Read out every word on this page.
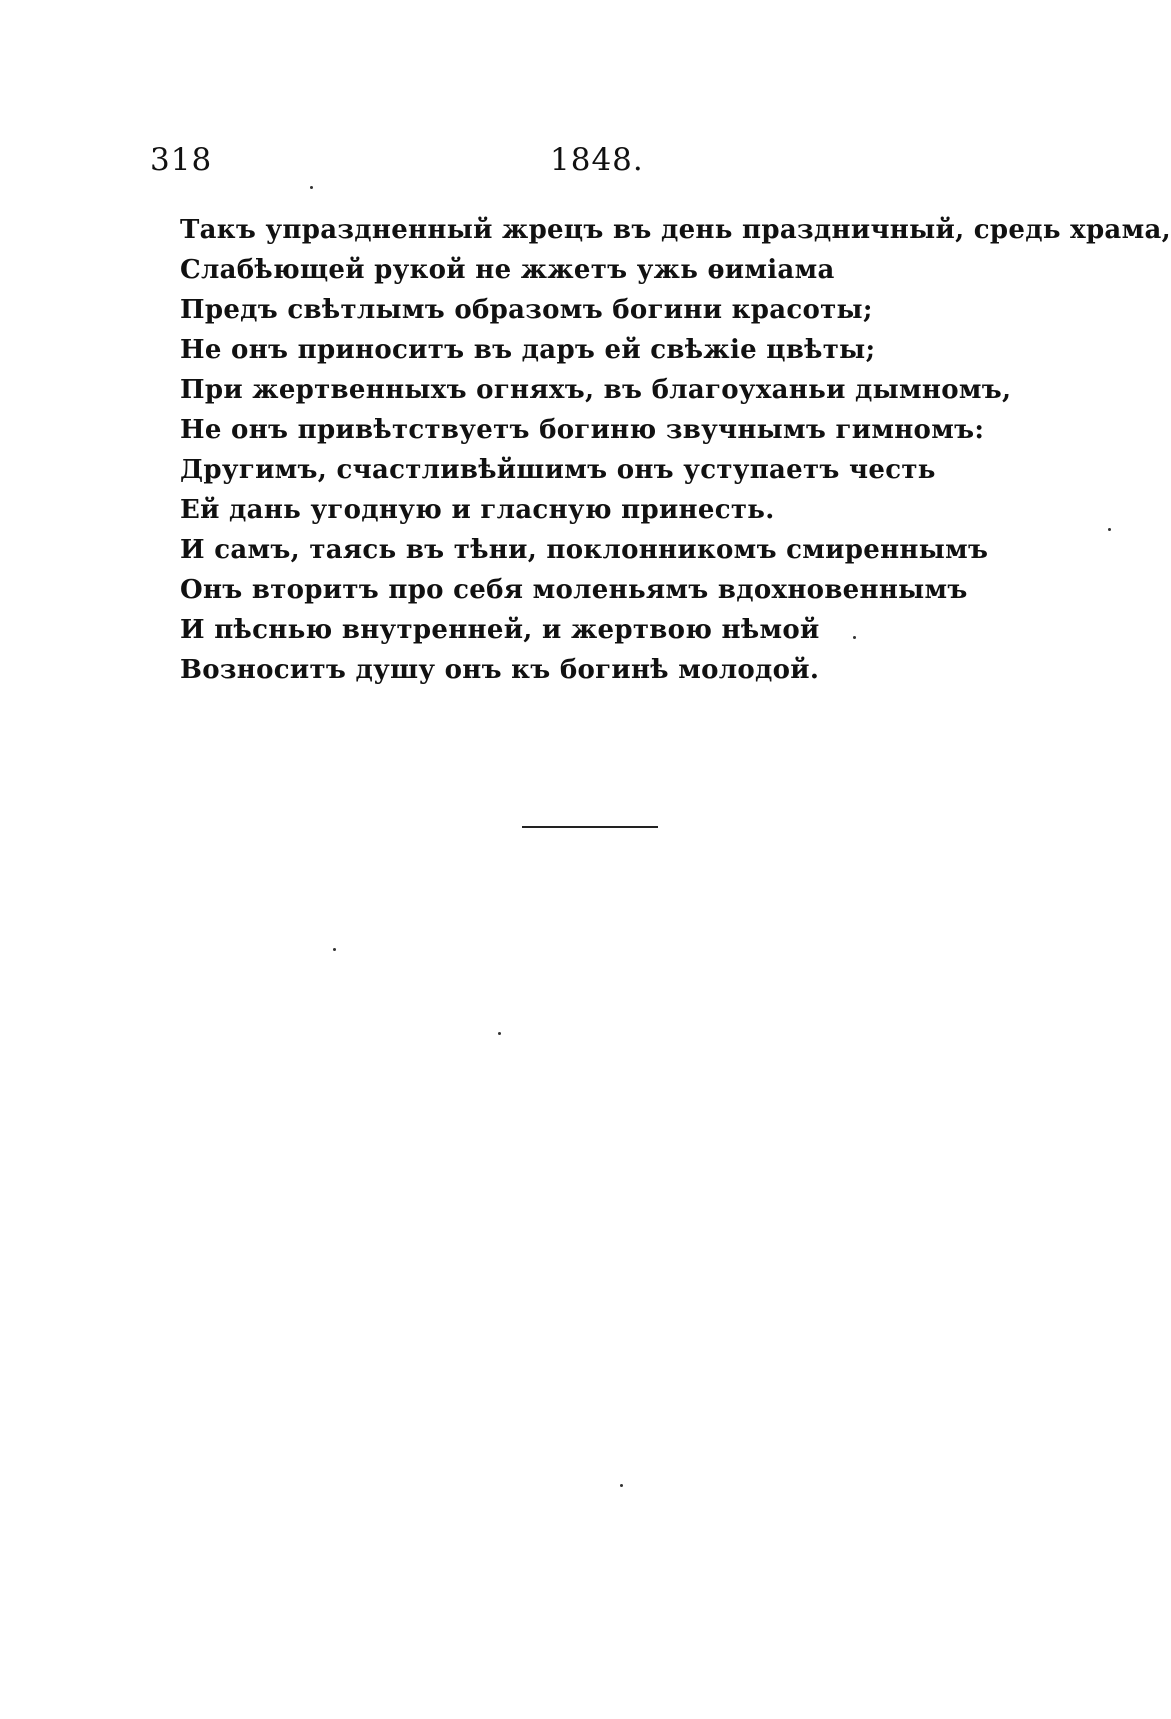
318	1848.
Такъ упраздненный жрецъ въ день праздничный, средь храма,
Слабѣющей рукой не жжетъ ужь ѳиміама
Предъ свѣтлымъ образомъ богини красоты;
Не онъ приноситъ въ даръ ей свѣжіе цвѣты;
При жертвенныхъ огняхъ, въ благоуханьи дымномъ,
Не онъ привѣтствуетъ богиню звучнымъ гимномъ:
Другимъ, счастливѣйшимъ онъ уступаетъ честь
Ей дань угодную и гласную принесть.
И самъ, таясь въ тѣни, поклонникомъ смиреннымъ
Онъ вторитъ про себя моленьямъ вдохновеннымъ
И пѣснью внутренней, и жертвою нѣмой
Возноситъ душу онъ къ богинѣ молодой.
